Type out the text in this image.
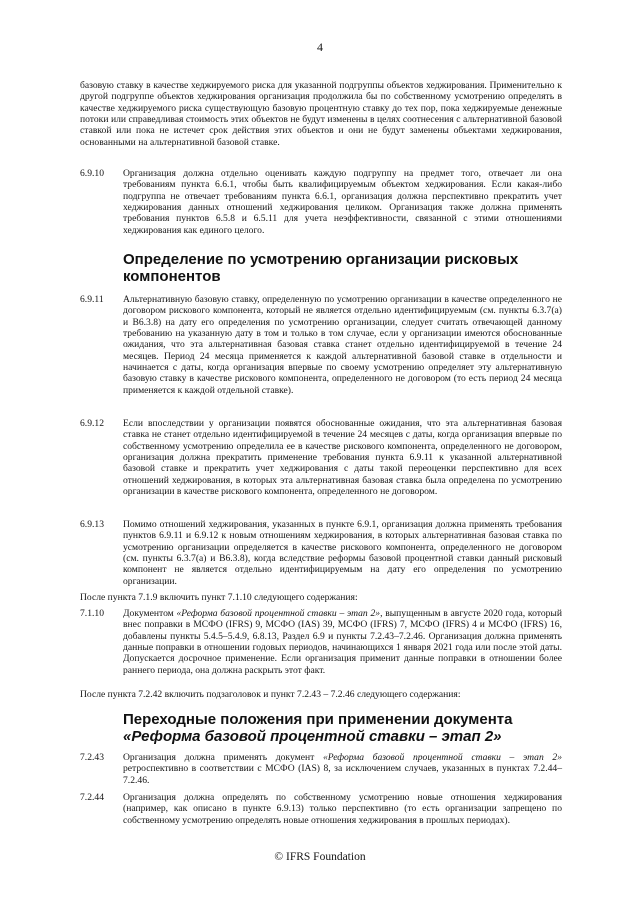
4
базовую ставку в качестве хеджируемого риска для указанной подгруппы объектов хеджирования. Применительно к другой подгруппе объектов хеджирования организация продолжила бы по собственному усмотрению определять в качестве хеджируемого риска существующую базовую процентную ставку до тех пор, пока хеджируемые денежные потоки или справедливая стоимость этих объектов не будут изменены в целях соотнесения с альтернативной базовой ставкой или пока не истечет срок действия этих объектов и они не будут заменены объектами хеджирования, основанными на альтернативной базовой ставке.
6.9.10	Организация должна отдельно оценивать каждую подгруппу на предмет того, отвечает ли она требованиям пункта 6.6.1, чтобы быть квалифицируемым объектом хеджирования. Если какая-либо подгруппа не отвечает требованиям пункта 6.6.1, организация должна перспективно прекратить учет хеджирования данных отношений хеджирования целиком. Организация также должна применять требования пунктов 6.5.8 и 6.5.11 для учета неэффективности, связанной с этими отношениями хеджирования как единого целого.
Определение по усмотрению организации рисковых компонентов
6.9.11	Альтернативную базовую ставку, определенную по усмотрению организации в качестве определенного не договором рискового компонента, который не является отдельно идентифицируемым (см. пункты 6.3.7(а) и В6.3.8) на дату его определения по усмотрению организации, следует считать отвечающей данному требованию на указанную дату в том и только в том случае, если у организации имеются обоснованные ожидания, что эта альтернативная базовая ставка станет отдельно идентифицируемой в течение 24 месяцев. Период 24 месяца применяется к каждой альтернативной базовой ставке в отдельности и начинается с даты, когда организация впервые по своему усмотрению определяет эту альтернативную базовую ставку в качестве рискового компонента, определенного не договором (то есть период 24 месяца применяется к каждой отдельной ставке).
6.9.12	Если впоследствии у организации появятся обоснованные ожидания, что эта альтернативная базовая ставка не станет отдельно идентифицируемой в течение 24 месяцев с даты, когда организация впервые по собственному усмотрению определила ее в качестве рискового компонента, определенного не договором, организация должна прекратить применение требования пункта 6.9.11 к указанной альтернативной базовой ставке и прекратить учет хеджирования с даты такой переоценки перспективно для всех отношений хеджирования, в которых эта альтернативная базовая ставка была определена по усмотрению организации в качестве рискового компонента, определенного не договором.
6.9.13	Помимо отношений хеджирования, указанных в пункте 6.9.1, организация должна применять требования пунктов 6.9.11 и 6.9.12 к новым отношениям хеджирования, в которых альтернативная базовая ставка по усмотрению организации определяется в качестве рискового компонента, определенного не договором (см. пункты 6.3.7(а) и В6.3.8), когда вследствие реформы базовой процентной ставки данный рисковый компонент не является отдельно идентифицируемым на дату его определения по усмотрению организации.
После пункта 7.1.9 включить пункт 7.1.10 следующего содержания:
7.1.10	Документом «Реформа базовой процентной ставки – этап 2», выпущенным в августе 2020 года, который внес поправки в МСФО (IFRS) 9, МСФО (IAS) 39, МСФО (IFRS) 7, МСФО (IFRS) 4 и МСФО (IFRS) 16, добавлены пункты 5.4.5–5.4.9, 6.8.13, Раздел 6.9 и пункты 7.2.43–7.2.46. Организация должна применять данные поправки в отношении годовых периодов, начинающихся 1 января 2021 года или после этой даты. Допускается досрочное применение. Если организация применит данные поправки в отношении более раннего периода, она должна раскрыть этот факт.
После пункта 7.2.42 включить подзаголовок и пункт 7.2.43 – 7.2.46 следующего содержания:
Переходные положения при применении документа «Реформа базовой процентной ставки – этап 2»
7.2.43	Организация должна применять документ «Реформа базовой процентной ставки – этап 2» ретроспективно в соответствии с МСФО (IAS) 8, за исключением случаев, указанных в пунктах 7.2.44–7.2.46.
7.2.44	Организация должна определять по собственному усмотрению новые отношения хеджирования (например, как описано в пункте 6.9.13) только перспективно (то есть организации запрещено по собственному усмотрению определять новые отношения хеджирования в прошлых периодах).
© IFRS Foundation
